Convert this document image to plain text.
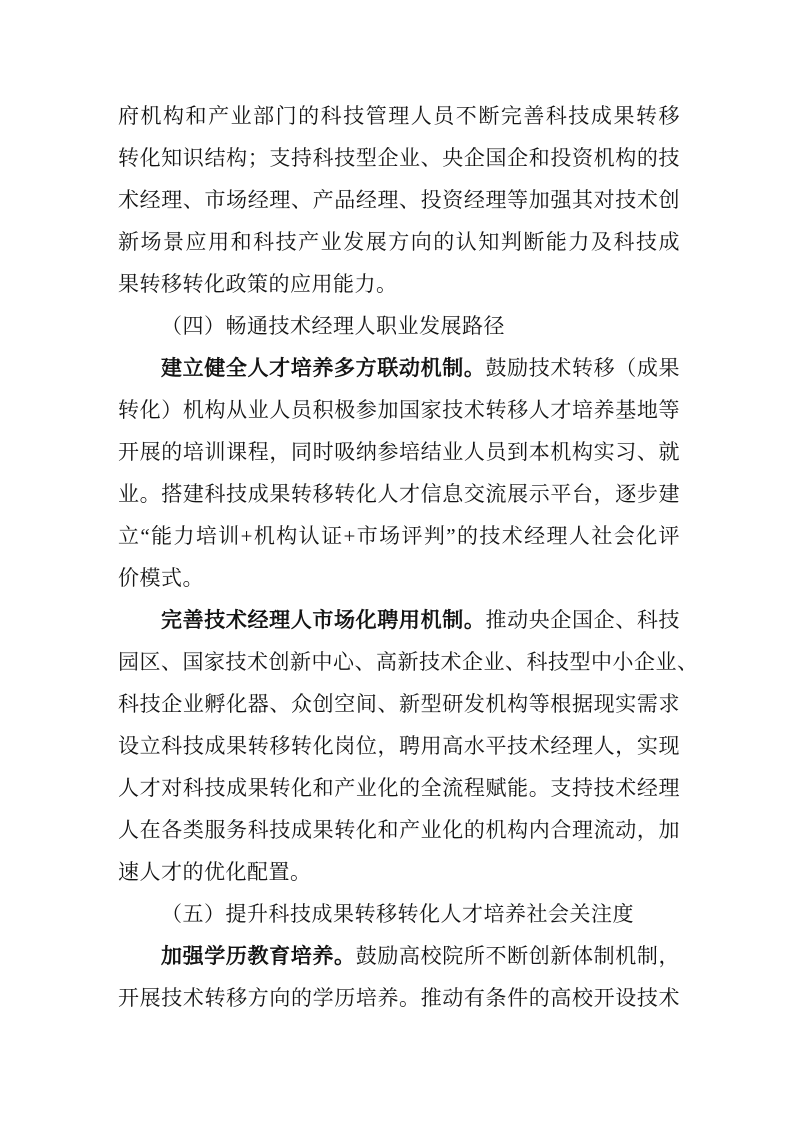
府机构和产业部门的科技管理人员不断完善科技成果转移
转化知识结构；支持科技型企业、央企国企和投资机构的技
术经理、市场经理、产品经理、投资经理等加强其对技术创
新场景应用和科技产业发展方向的认知判断能力及科技成
果转移转化政策的应用能力。
（四）畅通技术经理人职业发展路径
建立健全人才培养多方联动机制。鼓励技术转移（成果
转化）机构从业人员积极参加国家技术转移人才培养基地等
开展的培训课程，同时吸纳参培结业人员到本机构实习、就
业。搭建科技成果转移转化人才信息交流展示平台，逐步建
立“能力培训+机构认证+市场评判”的技术经理人社会化评
价模式。
完善技术经理人市场化聘用机制。推动央企国企、科技
园区、国家技术创新中心、高新技术企业、科技型中小企业、
科技企业孵化器、众创空间、新型研发机构等根据现实需求
设立科技成果转移转化岗位，聘用高水平技术经理人，实现
人才对科技成果转化和产业化的全流程赋能。支持技术经理
人在各类服务科技成果转化和产业化的机构内合理流动，加
速人才的优化配置。
（五）提升科技成果转移转化人才培养社会关注度
加强学历教育培养。鼓励高校院所不断创新体制机制，
开展技术转移方向的学历培养。推动有条件的高校开设技术
